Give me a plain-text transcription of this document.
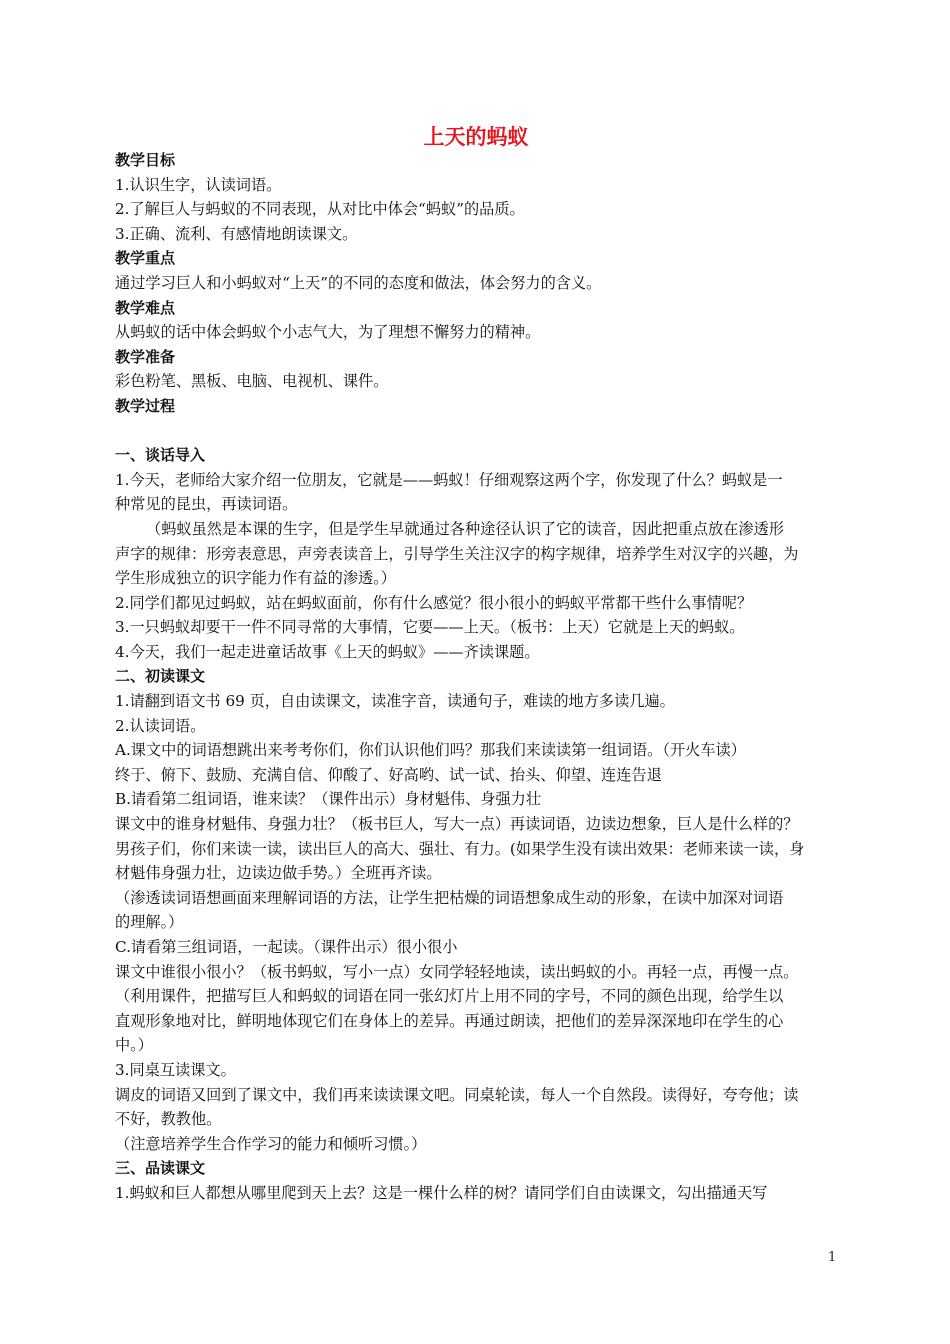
上天的蚂蚁
教学目标
1.认识生字，认读词语。
2.了解巨人与蚂蚁的不同表现，从对比中体会“蚂蚁”的品质。
3.正确、流利、有感情地朗读课文。
教学重点
通过学习巨人和小蚂蚁对“上天”的不同的态度和做法，体会努力的含义。
教学难点
从蚂蚁的话中体会蚂蚁个小志气大，为了理想不懈努力的精神。
教学准备
彩色粉笔、黑板、电脑、电视机、课件。
教学过程
一、谈话导入
1.今天，老师给大家介绍一位朋友，它就是——蚂蚁！仔细观察这两个字，你发现了什么？蚂蚁是一
种常见的昆虫，再读词语。
（蚂蚁虽然是本课的生字，但是学生早就通过各种途径认识了它的读音，因此把重点放在渗透形
声字的规律：形旁表意思，声旁表读音上，引导学生关注汉字的构字规律，培养学生对汉字的兴趣，为
学生形成独立的识字能力作有益的渗透。）
2.同学们都见过蚂蚁，站在蚂蚁面前，你有什么感觉？很小很小的蚂蚁平常都干些什么事情呢？
3.一只蚂蚁却要干一件不同寻常的大事情，它要——上天。（板书：上天）它就是上天的蚂蚁。
4.今天，我们一起走进童话故事《上天的蚂蚁》——齐读课题。
二、初读课文
1.请翻到语文书 69 页，自由读课文，读准字音，读通句子，难读的地方多读几遍。
2.认读词语。
A.课文中的词语想跳出来考考你们，你们认识他们吗？那我们来读读第一组词语。（开火车读）
终于、俯下、鼓励、充满自信、仰酸了、好高哟、试一试、抬头、仰望、连连告退
B.请看第二组词语，谁来读？（课件出示）身材魁伟、身强力壮
课文中的谁身材魁伟、身强力壮？（板书巨人，写大一点）再读词语，边读边想象，巨人是什么样的？
男孩子们，你们来读一读，读出巨人的高大、强壮、有力。(如果学生没有读出效果：老师来读一读，身
材魁伟身强力壮，边读边做手势。）全班再齐读。
（渗透读词语想画面来理解词语的方法，让学生把枯燥的词语想象成生动的形象，在读中加深对词语
的理解。）
C.请看第三组词语，一起读。（课件出示）很小很小
课文中谁很小很小？（板书蚂蚁，写小一点）女同学轻轻地读，读出蚂蚁的小。再轻一点，再慢一点。
（利用课件，把描写巨人和蚂蚁的词语在同一张幻灯片上用不同的字号，不同的颜色出现，给学生以
直观形象地对比，鲜明地体现它们在身体上的差异。再通过朗读，把他们的差异深深地印在学生的心
中。）
3.同桌互读课文。
调皮的词语又回到了课文中，我们再来读读课文吧。同桌轮读，每人一个自然段。读得好，夸夸他；读
不好，教教他。
（注意培养学生合作学习的能力和倾听习惯。）
三、品读课文
1.蚂蚁和巨人都想从哪里爬到天上去？这是一棵什么样的树？请同学们自由读课文，勾出描通天写
1
